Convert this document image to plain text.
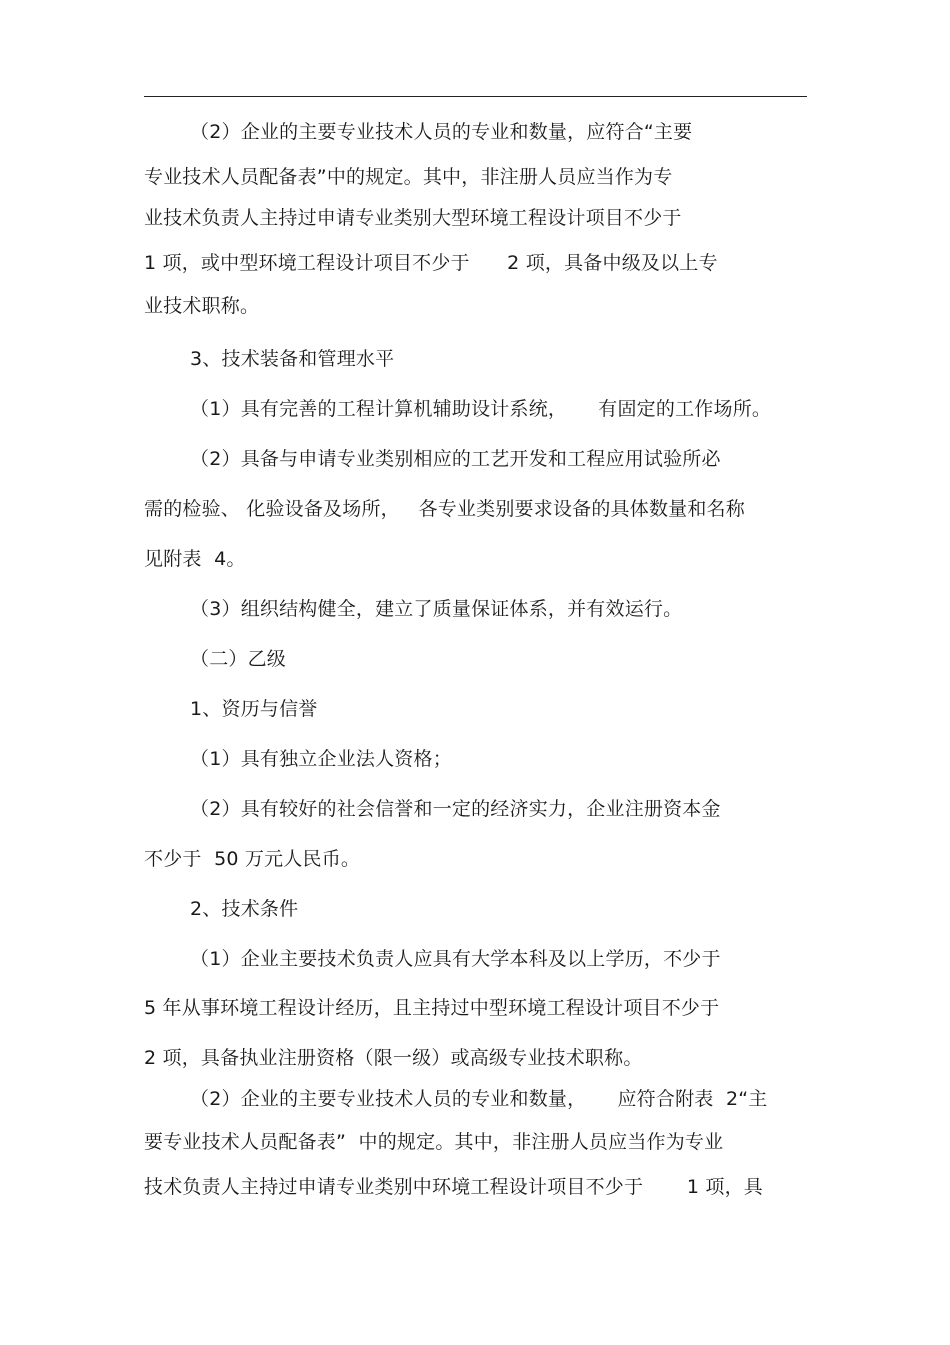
（2）企业的主要专业技术人员的专业和数量，应符合“主要
专业技术人员配备表”中的规定。其中，非注册人员应当作为专
业技术负责人主持过申请专业类别大型环境工程设计项目不少于
1 项，或中型环境工程设计项目不少于      2 项，具备中级及以上专
业技术职称。
3、技术装备和管理水平
（1）具有完善的工程计算机辅助设计系统，     有固定的工作场所。
（2）具备与申请专业类别相应的工艺开发和工程应用试验所必
需的检验、 化验设备及场所，   各专业类别要求设备的具体数量和名称
见附表  4。
（3）组织结构健全，建立了质量保证体系，并有效运行。
（二）乙级
1、资历与信誉
（1）具有独立企业法人资格；
（2）具有较好的社会信誉和一定的经济实力，企业注册资本金
不少于  50 万元人民币。
2、技术条件
（1）企业主要技术负责人应具有大学本科及以上学历，不少于
5 年从事环境工程设计经历，且主持过中型环境工程设计项目不少于
2 项，具备执业注册资格（限一级）或高级专业技术职称。
（2）企业的主要专业技术人员的专业和数量，     应符合附表  2“主
要专业技术人员配备表”  中的规定。其中，非注册人员应当作为专业
技术负责人主持过申请专业类别中环境工程设计项目不少于       1 项，具
